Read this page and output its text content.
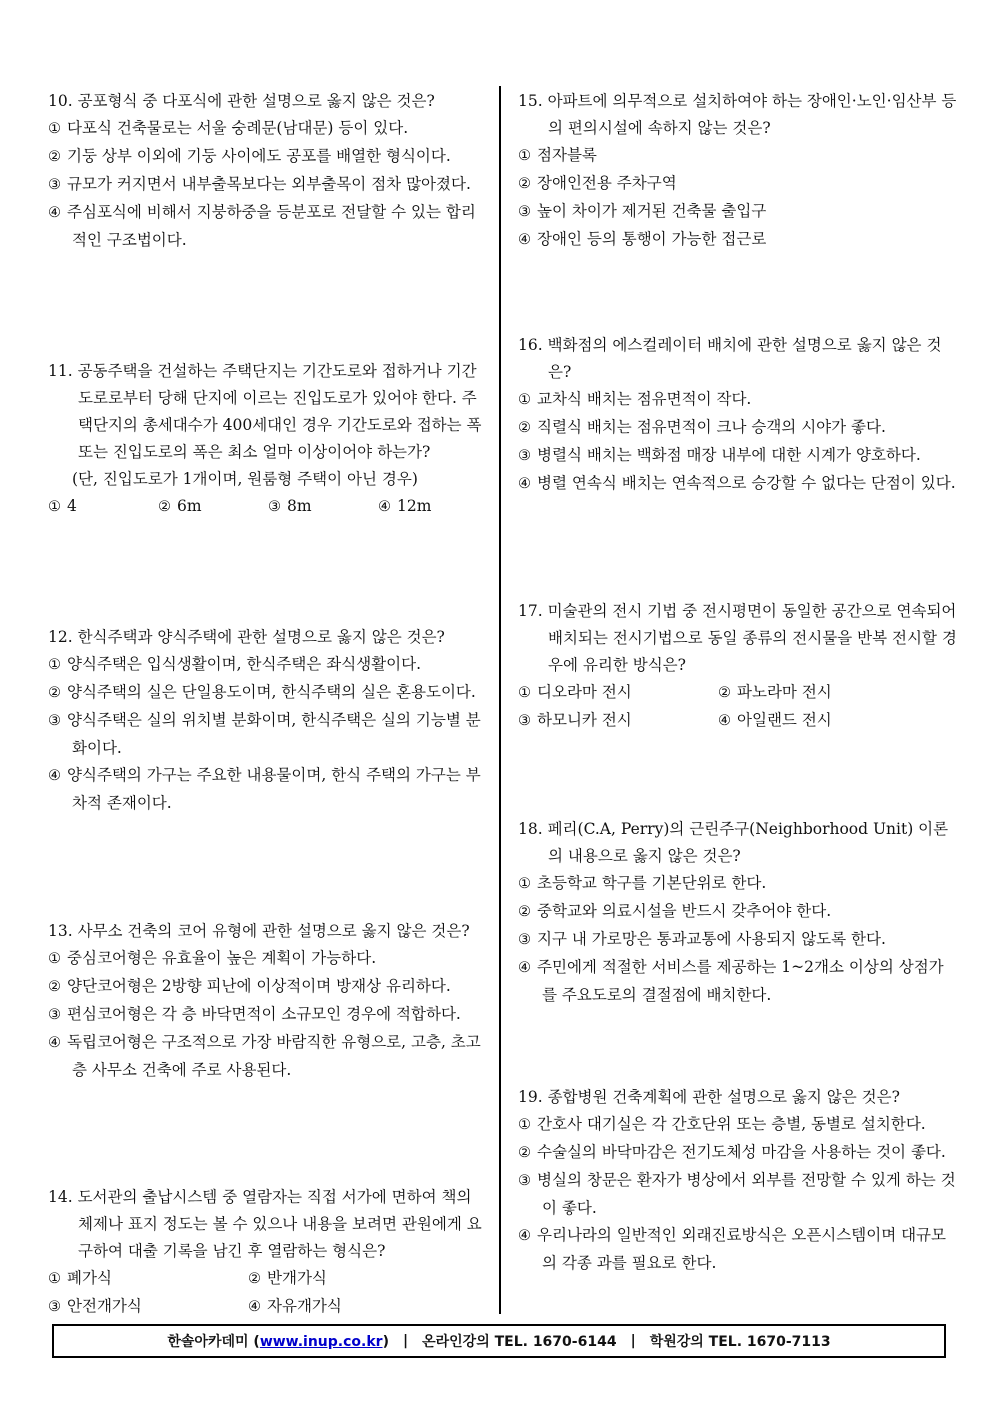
10. 공포형식 중 다포식에 관한 설명으로 옳지 않은 것은?
① 다포식 건축물로는 서울 숭례문(남대문) 등이 있다.
② 기둥 상부 이외에 기둥 사이에도 공포를 배열한 형식이다.
③ 규모가 커지면서 내부출목보다는 외부출목이 점차 많아졌다.
④ 주심포식에 비해서 지붕하중을 등분포로 전달할 수 있는 합리적인 구조법이다.
11. 공동주택을 건설하는 주택단지는 기간도로와 접하거나 기간도로로부터 당해 단지에 이르는 진입도로가 있어야 한다. 주택단지의 총세대수가 400세대인 경우 기간도로와 접하는 폭 또는 진입도로의 폭은 최소 얼마 이상이어야 하는가?
(단, 진입도로가 1개이며, 원룸형 주택이 아닌 경우)
① 4	② 6m	③ 8m	④ 12m
12. 한식주택과 양식주택에 관한 설명으로 옳지 않은 것은?
① 양식주택은 입식생활이며, 한식주택은 좌식생활이다.
② 양식주택의 실은 단일용도이며, 한식주택의 실은 혼용도이다.
③ 양식주택은 실의 위치별 분화이며, 한식주택은 실의 기능별 분화이다.
④ 양식주택의 가구는 주요한 내용물이며, 한식 주택의 가구는 부차적 존재이다.
13. 사무소 건축의 코어 유형에 관한 설명으로 옳지 않은 것은?
① 중심코어형은 유효율이 높은 계획이 가능하다.
② 양단코어형은 2방향 피난에 이상적이며 방재상 유리하다.
③ 편심코어형은 각 층 바닥면적이 소규모인 경우에 적합하다.
④ 독립코어형은 구조적으로 가장 바람직한 유형으로, 고층, 초고층 사무소 건축에 주로 사용된다.
14. 도서관의 출납시스템 중 열람자는 직접 서가에 면하여 책의 체제나 표지 정도는 볼 수 있으나 내용을 보려면 관원에게 요구하여 대출 기록을 남긴 후 열람하는 형식은?
① 폐가식	② 반개가식
③ 안전개가식	④ 자유개가식
15. 아파트에 의무적으로 설치하여야 하는 장애인·노인·임산부 등의 편의시설에 속하지 않는 것은?
① 점자블록
② 장애인전용 주차구역
③ 높이 차이가 제거된 건축물 출입구
④ 장애인 등의 통행이 가능한 접근로
16. 백화점의 에스컬레이터 배치에 관한 설명으로 옳지 않은 것은?
① 교차식 배치는 점유면적이 작다.
② 직렬식 배치는 점유면적이 크나 승객의 시야가 좋다.
③ 병렬식 배치는 백화점 매장 내부에 대한 시계가 양호하다.
④ 병렬 연속식 배치는 연속적으로 승강할 수 없다는 단점이 있다.
17. 미술관의 전시 기법 중 전시평면이 동일한 공간으로 연속되어 배치되는 전시기법으로 동일 종류의 전시물을 반복 전시할 경우에 유리한 방식은?
① 디오라마 전시	② 파노라마 전시
③ 하모니카 전시	④ 아일랜드 전시
18. 페리(C.A, Perry)의 근린주구(Neighborhood Unit) 이론의 내용으로 옳지 않은 것은?
① 초등학교 학구를 기본단위로 한다.
② 중학교와 의료시설을 반드시 갖추어야 한다.
③ 지구 내 가로망은 통과교통에 사용되지 않도록 한다.
④ 주민에게 적절한 서비스를 제공하는 1~2개소 이상의 상점가를 주요도로의 결절점에 배치한다.
19. 종합병원 건축계획에 관한 설명으로 옳지 않은 것은?
① 간호사 대기실은 각 간호단위 또는 층별, 동별로 설치한다.
② 수술실의 바닥마감은 전기도체성 마감을 사용하는 것이 좋다.
③ 병실의 창문은 환자가 병상에서 외부를 전망할 수 있게 하는 것이 좋다.
④ 우리나라의 일반적인 외래진료방식은 오픈시스템이며 대규모의 각종 과를 필요로 한다.
한솔아카데미 (www.inup.co.kr) | 온라인강의 TEL. 1670-6144 | 학원강의 TEL. 1670-7113
